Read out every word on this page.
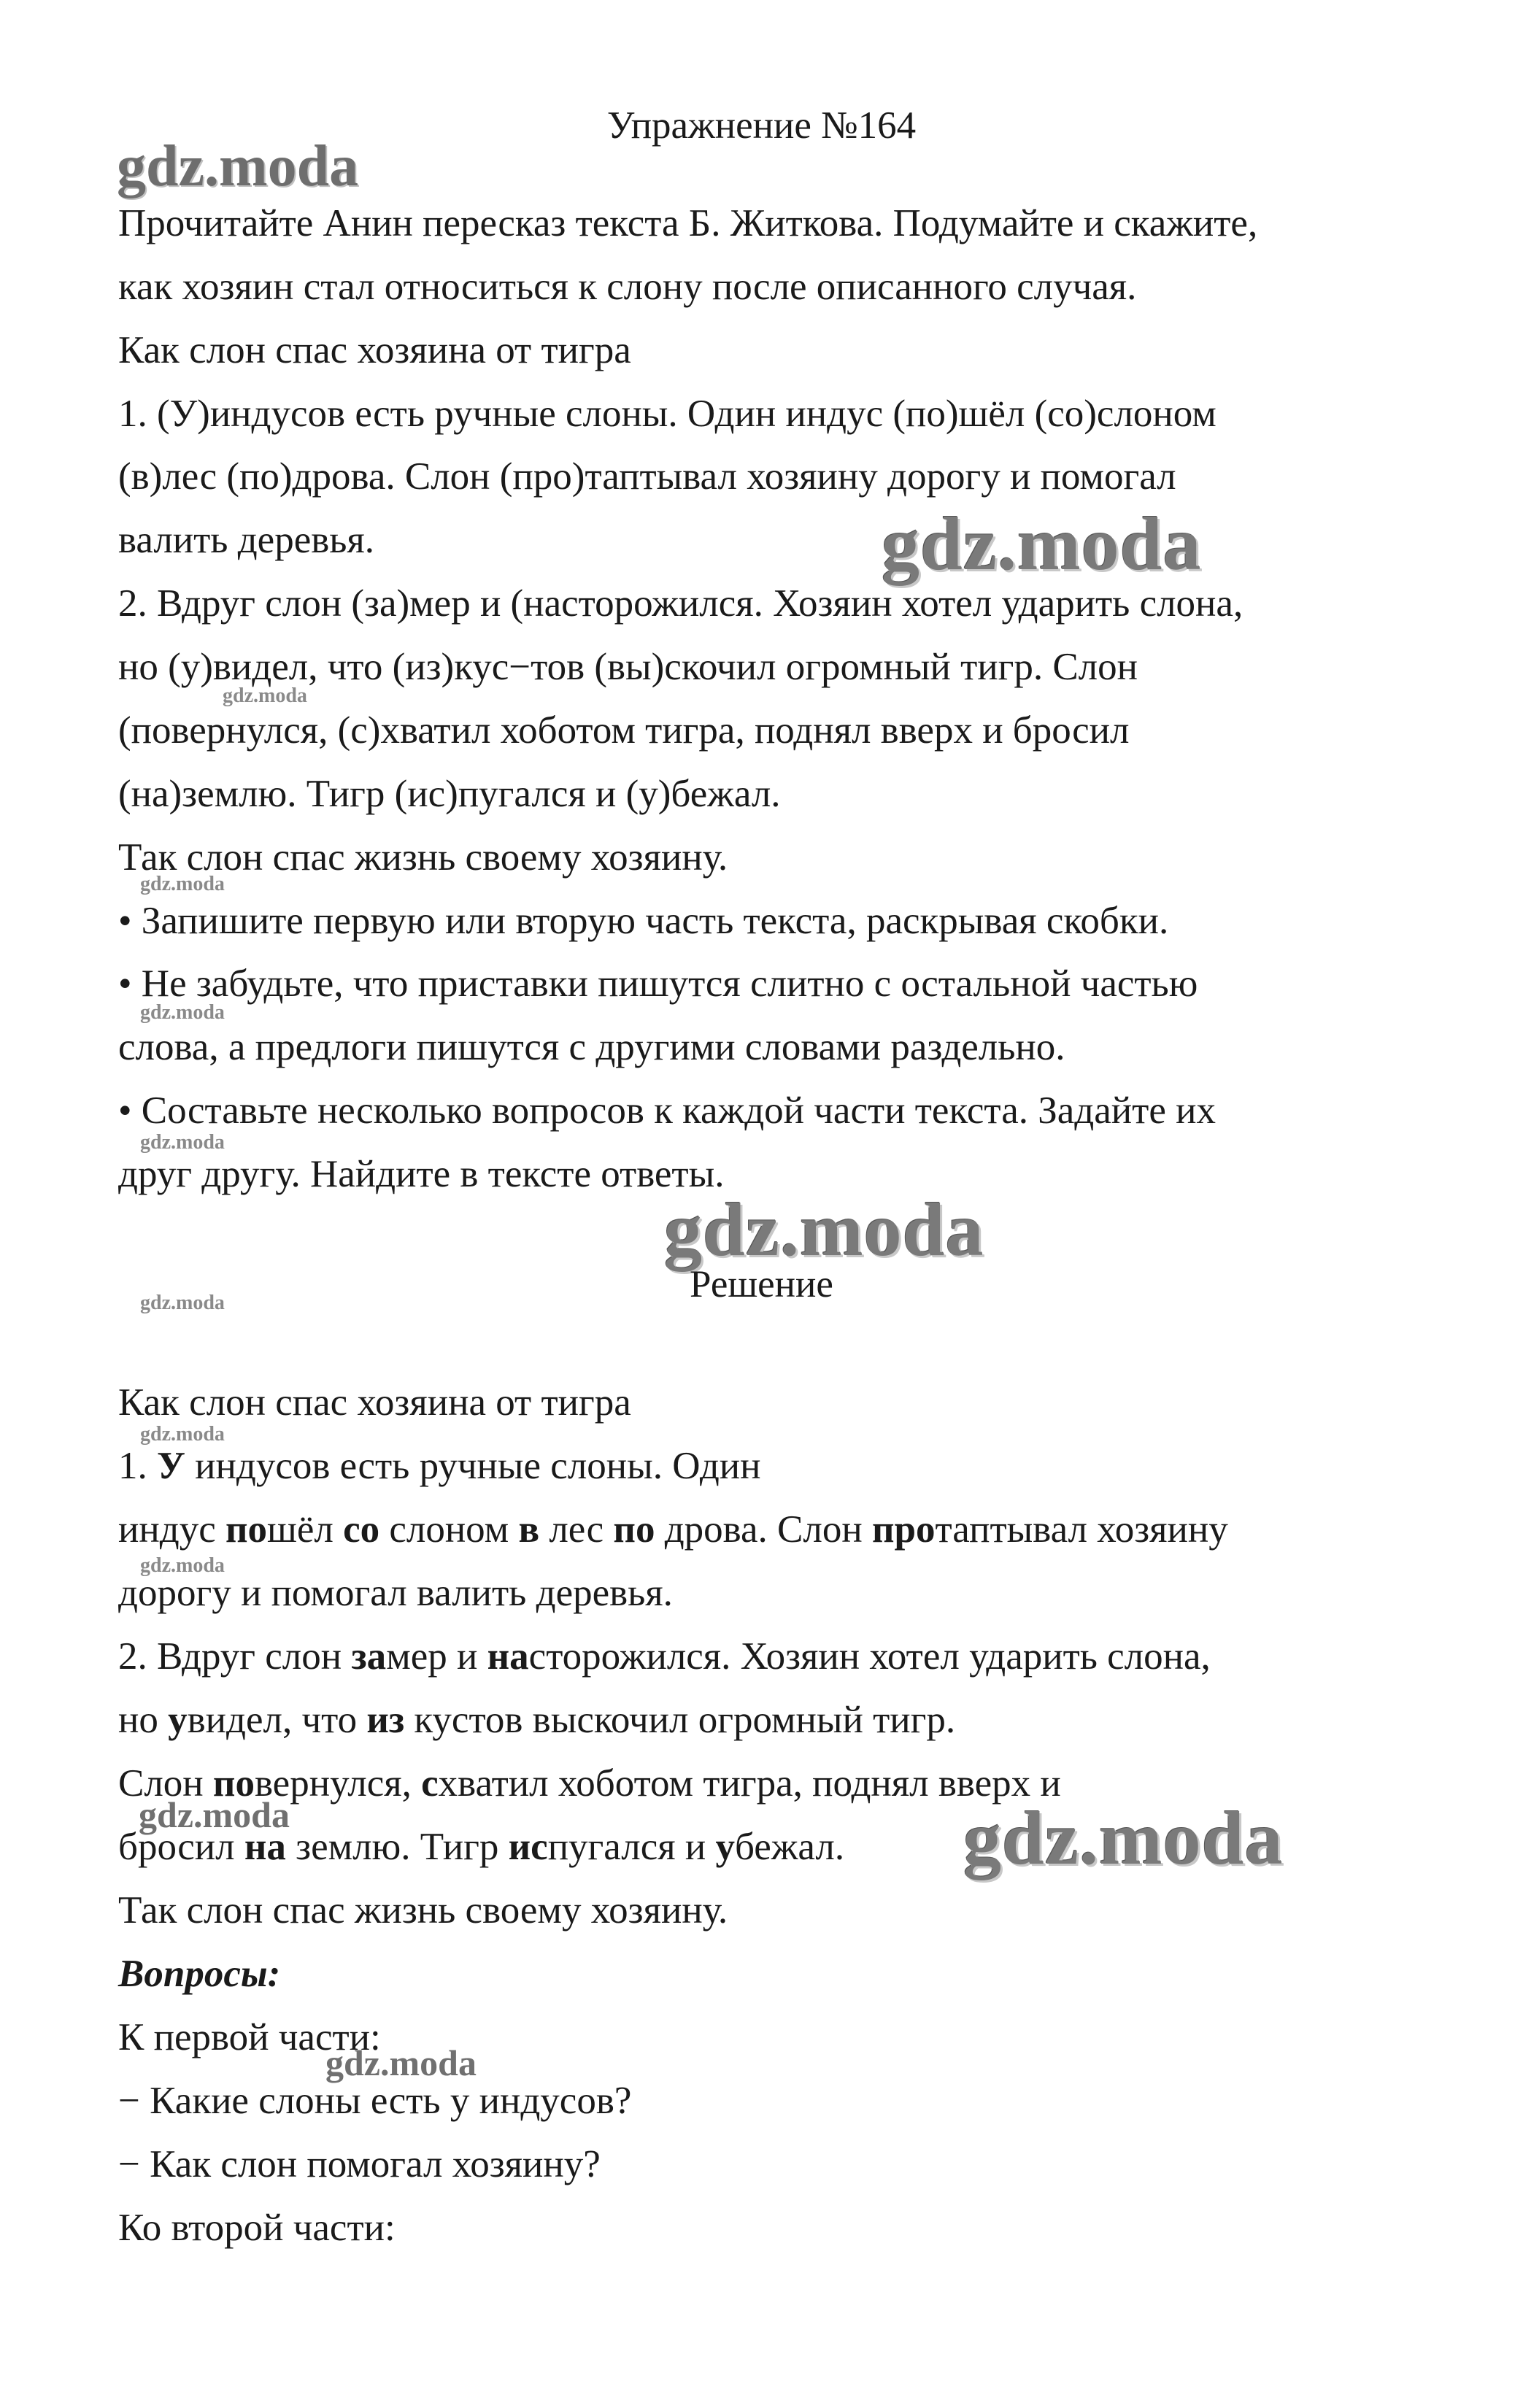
Упражнение №164
gdz.moda
gdz.moda
gdz.moda
gdz.moda
gdz.moda
gdz.moda
gdz.moda
gdz.moda
gdz.moda
gdz.moda
gdz.moda	gdz.moda
gdz.moda
Прочитайте Анин пересказ текста Б. Житкова. Подумайте и скажите,
как хозяин стал относиться к слону после описанного случая.
Как слон спас хозяина от тигра
1. (У)индусов есть ручные слоны. Один индус (по)шёл (со)слоном
(в)лес (по)дрова. Слон (про)таптывал хозяину дорогу и помогал
валить деревья.
2. Вдруг слон (за)мер и (насторожился. Хозяин хотел ударить слона,
но (у)видел, что (из)кус−тов (вы)скочил огромный тигр. Слон
(повернулся, (с)хватил хоботом тигра, поднял вверх и бросил
(на)землю. Тигр (ис)пугался и (у)бежал.
Так слон спас жизнь своему хозяину.
• Запишите первую или вторую часть текста, раскрывая скобки.
• Не забудьте, что приставки пишутся слитно с остальной частью
слова, а предлоги пишутся с другими словами раздельно.
• Составьте несколько вопросов к каждой части текста. Задайте их
друг другу. Найдите в тексте ответы.
Решение
Как слон спас хозяина от тигра
1. У индусов есть ручные слоны. Один
индус пошёл со слоном в лес по дрова. Слон протаптывал хозяину
дорогу и помогал валить деревья.
2. Вдруг слон замер и насторожился. Хозяин хотел ударить слона,
но увидел, что из кустов выскочил огромный тигр.
Слон повернулся, схватил хоботом тигра, поднял вверх и
бросил на землю. Тигр испугался и убежал.
Так слон спас жизнь своему хозяину.
Вопросы:
К первой части:
− Какие слоны есть у индусов?
− Как слон помогал хозяину?
Ко второй части:
